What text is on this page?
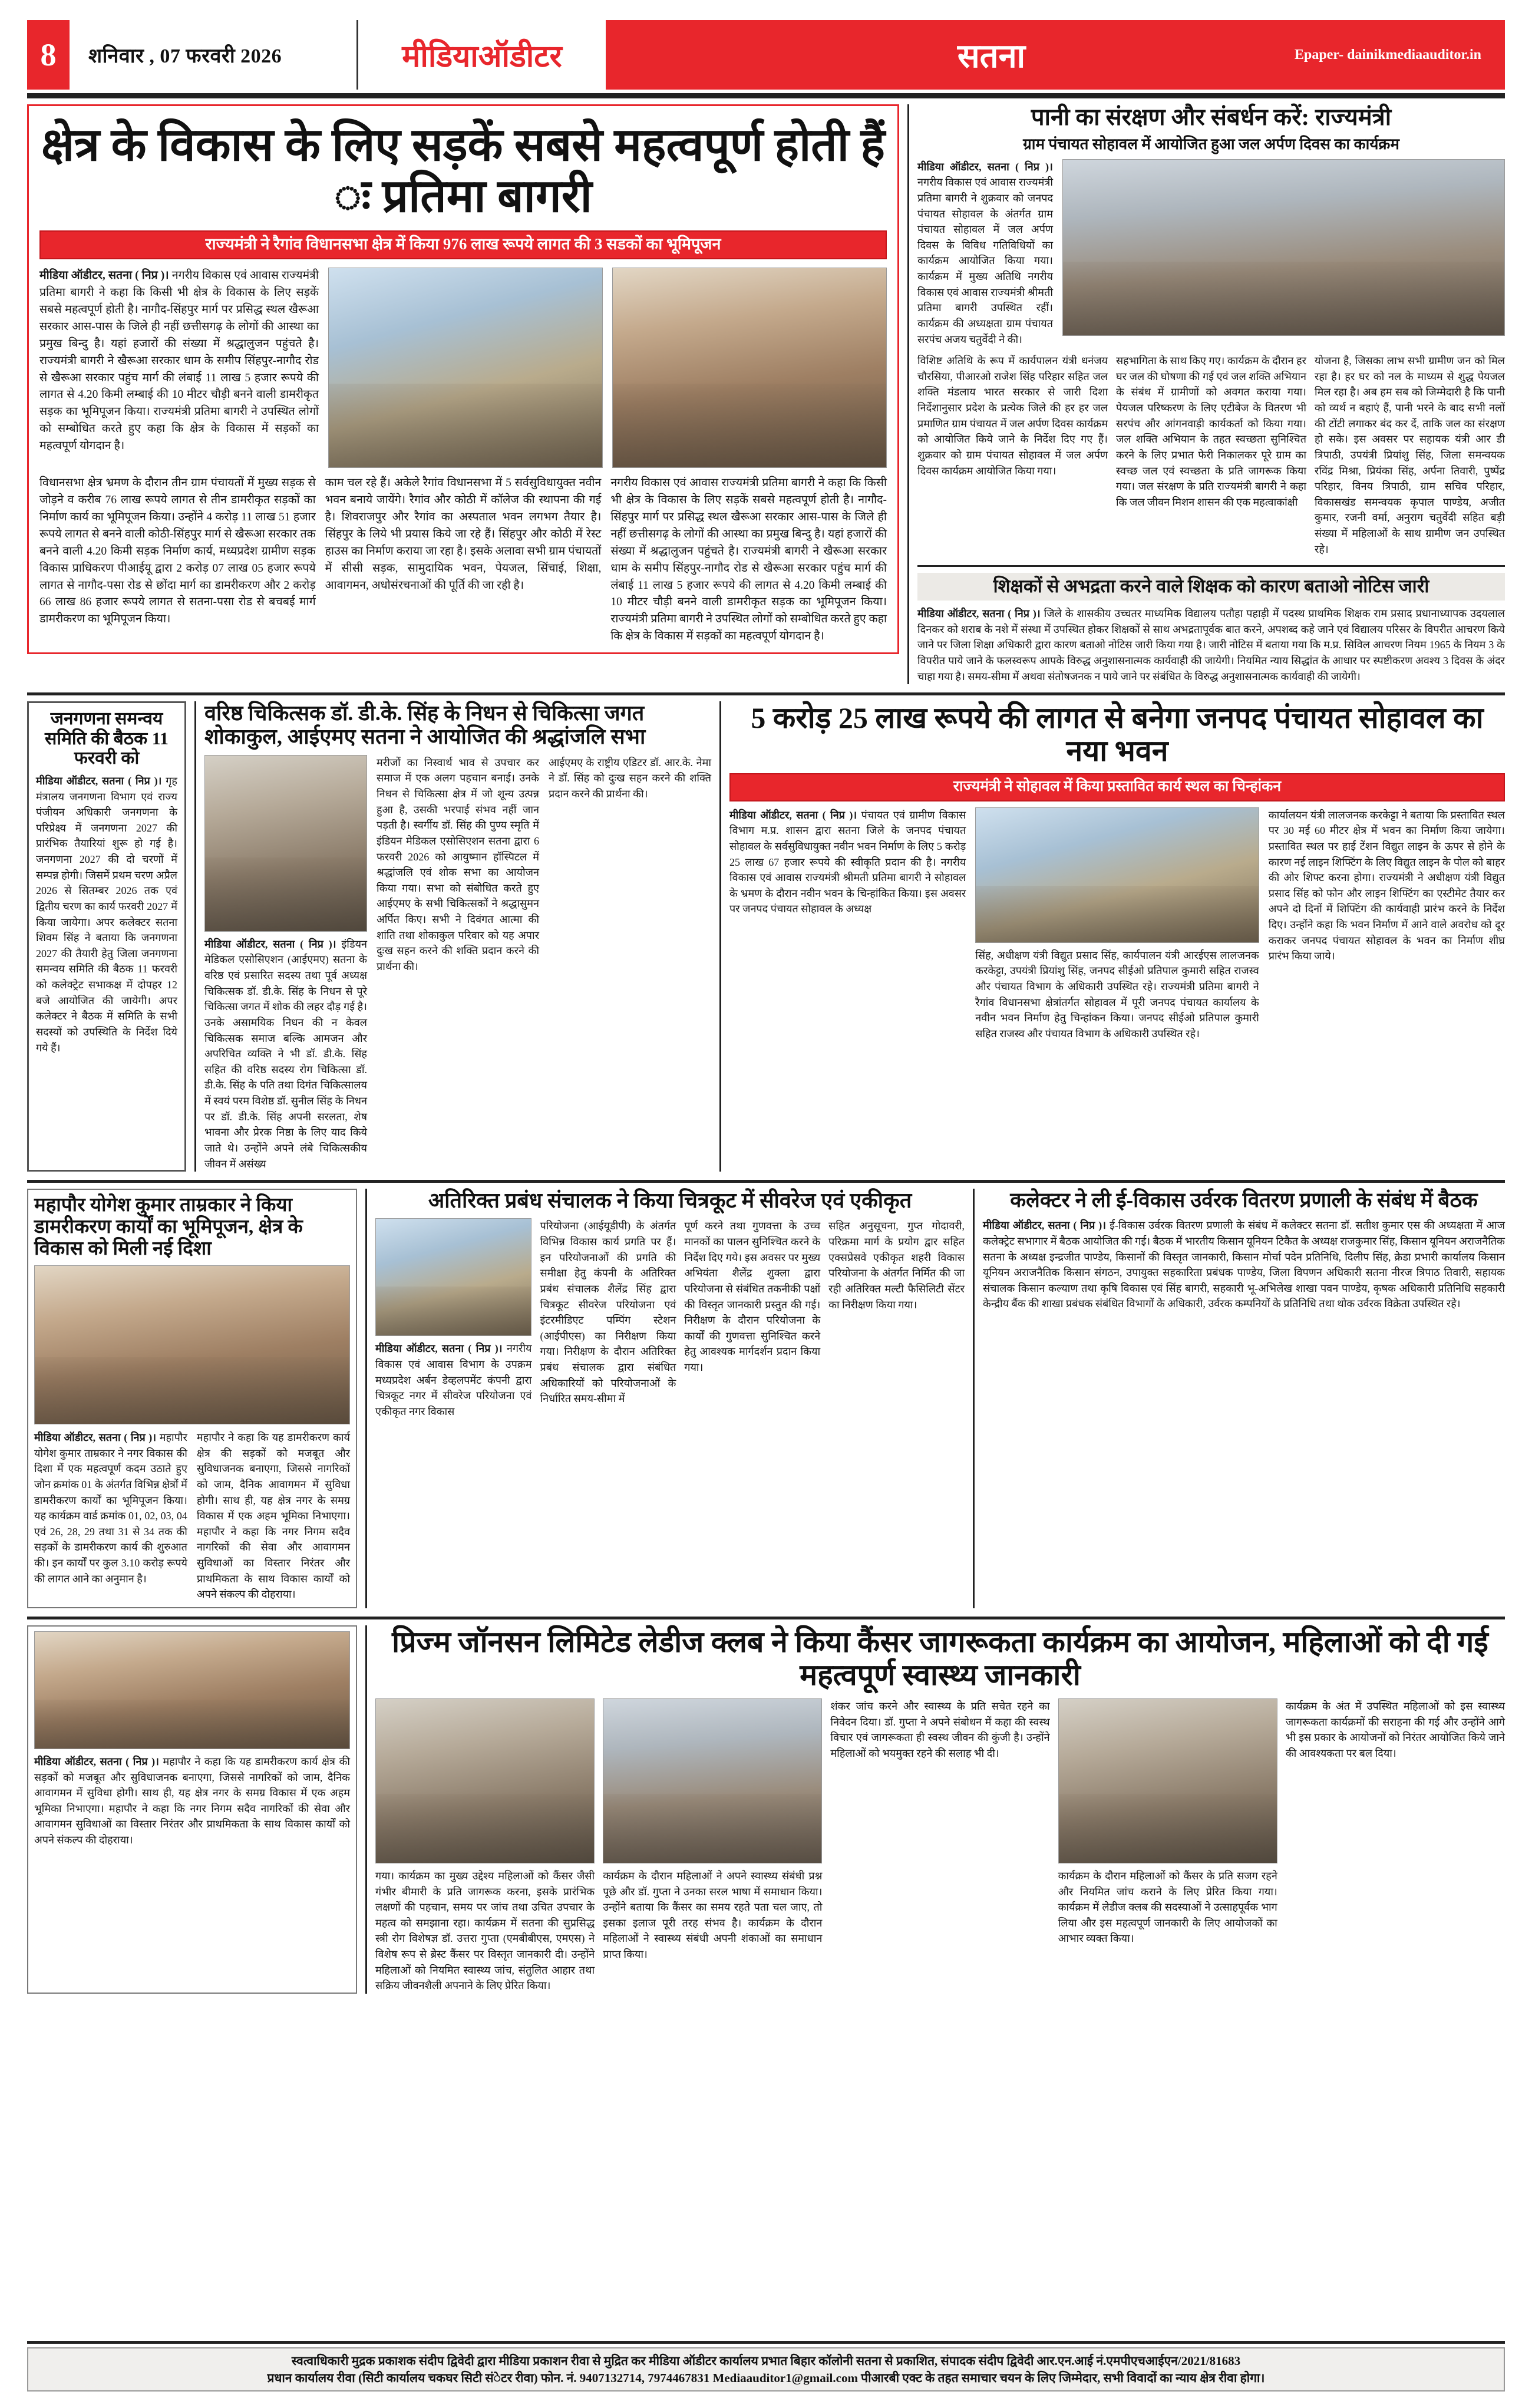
8	शनिवार , 07 फरवरी 2026	मीडियाऑडीटर	सतना	Epaper- dainikmediaauditor.in
क्षेत्र के विकास के लिए सड़कें सबसे महत्वपूर्ण होती हैं ः प्रतिमा बागरी
राज्यमंत्री ने रैगांव विधानसभा क्षेत्र में किया 976 लाख रूपये लागत की 3 सडकों का भूमिपूजन

मीडिया ऑडीटर, सतना ( निप्र )। नगरीय विकास एवं आवास राज्यमंत्री प्रतिमा बागरी ने कहा कि किसी भी क्षेत्र के विकास के लिए सड़कें सबसे महत्वपूर्ण होती है। नागौद-सिंहपुर मार्ग पर प्रसिद्ध स्थल खैरूआ सरकार आस-पास के जिले ही नहीं छत्तीसगढ़ के लोगों की आस्था का प्रमुख बिन्दु है। यहां हजारों की संख्या में श्रद्धालुजन पहुंचते है। राज्यमंत्री बागरी ने खैरूआ सरकार धाम के समीप सिंहपुर-नागौद रोड से खैरूआ सरकार पहुंच मार्ग की लंबाई 11 लाख 5 हजार रूपये की लागत से 4.20 किमी लम्बाई की 10 मीटर चौड़ी बनने वाली डामरीकृत सड़क का भूमिपूजन किया। राज्यमंत्री प्रतिमा बागरी ने उपस्थित लोगों को सम्बोधित करते हुए कहा कि क्षेत्र के विकास में सड़कों का महत्वपूर्ण योगदान है।

विधानसभा क्षेत्र भ्रमण के दौरान तीन ग्राम पंचायतों में मुख्य सड़क से जोड़ने व करीब 76 लाख रूपये लागत से तीन डामरीकृत सड़कों का निर्माण कार्य का भूमिपूजन किया। उन्होंने 4 करोड़ 11 लाख 51 हजार रूपये लागत से बनने वाली कोठी-सिंहपुर मार्ग से खैरूआ सरकार तक बनने वाली 4.20 किमी सड़क निर्माण कार्य, मध्यप्रदेश ग्रामीण सड़क विकास प्राधिकरण पीआईयू द्वारा 2 करोड़ 07 लाख 05 हजार रूपये लागत से नागौद-पसा रोड से छोंदा मार्ग का डामरीकरण और 2 करोड़ 66 लाख 86 हजार रूपये लागत से सतना-पसा रोड से बचबई मार्ग डामरीकरण का भूमिपूजन किया।

काम चल रहे हैं। अकेले रैगांव विधानसभा में 5 सर्वसुविधायुक्त नवीन भवन बनाये जायेंगे। रैगांव और कोठी में कॉलेज की स्थापना की गई है। शिवराजपुर और रैगांव का अस्पताल भवन लगभग तैयार है। सिंहपुर के लिये भी प्रयास किये जा रहे हैं। सिंहपुर और कोठी में रेस्ट हाउस का निर्माण कराया जा रहा है। इसके अलावा सभी ग्राम पंचायतों में सीसी सड़क, सामुदायिक भवन, पेयजल, सिंचाई, शिक्षा, आवागमन, अधोसंरचनाओं की पूर्ति की जा रही है।

नगरीय विकास एवं आवास राज्यमंत्री प्रतिमा बागरी ने कहा कि किसी भी क्षेत्र के विकास के लिए सड़कें सबसे महत्वपूर्ण होती है। नागौद-सिंहपुर मार्ग पर प्रसिद्ध स्थल खैरूआ सरकार आस-पास के जिले ही नहीं छत्तीसगढ़ के लोगों की आस्था का प्रमुख बिन्दु है। यहां हजारों की संख्या में श्रद्धालुजन पहुंचते है। राज्यमंत्री बागरी ने खैरूआ सरकार धाम के समीप सिंहपुर-नागौद रोड से खैरूआ सरकार पहुंच मार्ग की लंबाई 11 लाख 5 हजार रूपये की लागत से 4.20 किमी लम्बाई की 10 मीटर चौड़ी बनने वाली डामरीकृत सड़क का भूमिपूजन किया। राज्यमंत्री प्रतिमा बागरी ने उपस्थित लोगों को सम्बोधित करते हुए कहा कि क्षेत्र के विकास में सड़कों का महत्वपूर्ण योगदान है।

पानी का संरक्षण और संबर्धन करें: राज्यमंत्री
ग्राम पंचायत सोहावल में आयोजित हुआ जल अर्पण दिवस का कार्यक्रम

मीडिया ऑडीटर, सतना ( निप्र )। नगरीय विकास एवं आवास राज्यमंत्री प्रतिमा बागरी ने शुक्रवार को जनपद पंचायत सोहावल के अंतर्गत ग्राम पंचायत सोहावल में जल अर्पण दिवस के विविध गतिविधियों का कार्यक्रम आयोजित किया गया। कार्यक्रम में मुख्य अतिथि नगरीय विकास एवं आवास राज्यमंत्री श्रीमती प्रतिमा बागरी उपस्थित रहीं। कार्यक्रम की अध्यक्षता ग्राम पंचायत सरपंच अजय चतुर्वेदी ने की।

विशिष्ट अतिथि के रूप में कार्यपालन यंत्री धनंजय चौरसिया, पीआरओ राजेश सिंह परिहार सहित जल शक्ति मंडलाय भारत सरकार से जारी दिशा निर्देशानुसार प्रदेश के प्रत्येक जिले की हर हर जल प्रमाणित ग्राम पंचायत में जल अर्पण दिवस कार्यक्रम को आयोजित किये जाने के निर्देश दिए गए हैं। शुक्रवार को ग्राम पंचायत सोहावल में जल अर्पण दिवस कार्यक्रम आयोजित किया गया।

सहभागिता के साथ किए गए। कार्यक्रम के दौरान हर घर जल की घोषणा की गई एवं जल शक्ति अभियान के संबंध में ग्रामीणों को अवगत कराया गया। पेयजल परिष्करण के लिए एटीबेज के वितरण भी सरपंच और आंगनवाड़ी कार्यकर्ता को किया गया। जल शक्ति अभियान के तहत स्वच्छता सुनिश्चित करने के लिए प्रभात फेरी निकालकर पूरे ग्राम का स्वच्छ जल एवं स्वच्छता के प्रति जागरूक किया गया। जल संरक्षण के प्रति राज्यमंत्री बागरी ने कहा कि जल जीवन मिशन शासन की एक महत्वाकांक्षी

योजना है, जिसका लाभ सभी ग्रामीण जन को मिल रहा है। हर घर को नल के माध्यम से शुद्ध पेयजल मिल रहा है। अब हम सब को जिम्मेदारी है कि पानी को व्यर्थ न बहाएं हैं, पानी भरने के बाद सभी नलों की टोंटी लगाकर बंद कर दें, ताकि जल का संरक्षण हो सके। इस अवसर पर सहायक यंत्री आर डी त्रिपाठी, उपयंत्री प्रियांशु सिंह, जिला समन्वयक रविंद्र मिश्रा, प्रियंका सिंह, अर्पना तिवारी, पुष्पेंद्र परिहार, विनय त्रिपाठी, ग्राम सचिव परिहार, विकासखंड समन्वयक कृपाल पाण्डेय, अजीत कुमार, रजनी वर्मा, अनुराग चतुर्वेदी सहित बड़ी संख्या में महिलाओं के साथ ग्रामीण जन उपस्थित रहे।

शिक्षकों से अभद्रता करने वाले शिक्षक को कारण बताओ नोटिस जारी

मीडिया ऑडीटर, सतना ( निप्र )। जिले के शासकीय उच्चतर माध्यमिक विद्यालय पतौहा पहाड़ी में पदस्थ प्राथमिक शिक्षक राम प्रसाद प्रधानाध्यापक उदयलाल दिनकर को शराब के नशे में संस्था में उपस्थित होकर शिक्षकों से साथ अभद्रतापूर्वक बात करने, अपशब्द कहे जाने एवं विद्यालय परिसर के विपरीत आचरण किये जाने पर जिला शिक्षा अधिकारी द्वारा कारण बताओ नोटिस जारी किया गया है। जारी नोटिस में बताया गया कि म.प्र. सिविल आचरण नियम 1965 के नियम 3 के विपरीत पाये जाने के फलस्वरूप आपके विरुद्ध अनुशासनात्मक कार्यवाही की जायेगी। नियमित न्याय सिद्धांत के आधार पर स्पष्टीकरण अवश्य 3 दिवस के अंदर चाहा गया है। समय-सीमा में अथवा संतोषजनक न पाये जाने पर संबंधित के विरुद्ध अनुशासनात्मक कार्यवाही की जायेगी।

जनगणना समन्वय समिति की बैठक 11 फरवरी को

मीडिया ऑडीटर, सतना ( निप्र )। गृह मंत्रालय जनगणना विभाग एवं राज्य पंजीयन अधिकारी जनगणना के परिप्रेक्ष्य में जनगणना 2027 की प्रारंभिक तैयारियां शुरू हो गई है। जनगणना 2027 की दो चरणों में सम्पन्न होगी। जिसमें प्रथम चरण अप्रैल 2026 से सितम्बर 2026 तक एवं द्वितीय चरण का कार्य फरवरी 2027 में किया जायेगा। अपर कलेक्टर सतना शिवम सिंह ने बताया कि जनगणना 2027 की तैयारी हेतु जिला जनगणना समन्वय समिति की बैठक 11 फरवरी को कलेक्ट्रेट सभाकक्ष में दोपहर 12 बजे आयोजित की जायेगी। अपर कलेक्टर ने बैठक में समिति के सभी सदस्यों को उपस्थिति के निर्देश दिये गये हैं।

वरिष्ठ चिकित्सक डॉ. डी.के. सिंह के निधन से चिकित्सा जगत शोकाकुल, आईएमए सतना ने आयोजित की श्रद्धांजलि सभा

मीडिया ऑडीटर, सतना ( निप्र )। इंडियन मेडिकल एसोसिएशन (आईएमए) सतना के वरिष्ठ एवं प्रसारित सदस्य तथा पूर्व अध्यक्ष चिकित्सक डॉ. डी.के. सिंह के निधन से पूरे चिकित्सा जगत में शोक की लहर दौड़ गई है। उनके असामयिक निधन की न केवल चिकित्सक समाज बल्कि आमजन और अपरिचित व्यक्ति ने भी डॉ. डी.के. सिंह सहित की वरिष्ठ सदस्य रोग चिकित्सा डॉ. डी.के. सिंह के पति तथा दिगंत चिकित्सालय में स्वयं परम विशेष्ठ डॉ. सुनील सिंह के निधन पर डॉ. डी.के. सिंह अपनी सरलता, शेष भावना और प्रेरक निष्ठा के लिए याद किये जाते थे। उन्होंने अपने लंबे चिकित्सकीय जीवन में असंख्य

मरीजों का निस्वार्थ भाव से उपचार कर समाज में एक अलग पहचान बनाई। उनके निधन से चिकित्सा क्षेत्र में जो शून्य उत्पन्न हुआ है, उसकी भरपाई संभव नहीं जान पड़ती है। स्वर्गीय डॉ. सिंह की पुण्य स्मृति में इंडियन मेडिकल एसोसिएशन सतना द्वारा 6 फरवरी 2026 को आयुष्मान हॉस्पिटल में श्रद्धांजलि एवं शोक सभा का आयोजन किया गया। सभा को संबोधित करते हुए आईएमए के सभी चिकित्सकों ने श्रद्धासुमन अर्पित किए। सभी ने दिवंगत आत्मा की शांति तथा शोकाकुल परिवार को यह अपार दुःख सहन करने की शक्ति प्रदान करने की प्रार्थना की।

आईएमए के राष्ट्रीय एडिटर डॉ. आर.के. नेमा ने डॉ. सिंह को दुःख सहन करने की शक्ति प्रदान करने की प्रार्थना की।

5 करोड़ 25 लाख रूपये की लागत से बनेगा जनपद पंचायत सोहावल का नया भवन
राज्यमंत्री ने सोहावल में किया प्रस्तावित कार्य स्थल का चिन्हांकन

मीडिया ऑडीटर, सतना ( निप्र )। पंचायत एवं ग्रामीण विकास विभाग म.प्र. शासन द्वारा सतना जिले के जनपद पंचायत सोहावल के सर्वसुविधायुक्त नवीन भवन निर्माण के लिए 5 करोड़ 25 लाख 67 हजार रूपये की स्वीकृति प्रदान की है। नगरीय विकास एवं आवास राज्यमंत्री श्रीमती प्रतिमा बागरी ने सोहावल के भ्रमण के दौरान नवीन भवन के चिन्हांकित किया। इस अवसर पर जनपद पंचायत सोहावल के अध्यक्ष

सिंह, अधीक्षण यंत्री विद्युत प्रसाद सिंह, कार्यपालन यंत्री आरईएस लालजनक करकेट्टा, उपयंत्री प्रियांशु सिंह, जनपद सीईओ प्रतिपाल कुमारी सहित राजस्व और पंचायत विभाग के अधिकारी उपस्थित रहे। राज्यमंत्री प्रतिमा बागरी ने रैगांव विधानसभा क्षेत्रांतर्गत सोहावल में पूरी जनपद पंचायत कार्यालय के नवीन भवन निर्माण हेतु चिन्हांकन किया। जनपद सीईओ प्रतिपाल कुमारी सहित राजस्व और पंचायत विभाग के अधिकारी उपस्थित रहे।

कार्यालयन यंत्री लालजनक करकेट्टा ने बताया कि प्रस्तावित स्थल पर 30 मई 60 मीटर क्षेत्र में भवन का निर्माण किया जायेगा। प्रस्तावित स्थल पर हाई टेंशन विद्युत लाइन के ऊपर से होने के कारण नई लाइन शिफ्टिंग के लिए विद्युत लाइन के पोल को बाहर की ओर शिफ्ट करना होगा। राज्यमंत्री ने अधीक्षण यंत्री विद्युत प्रसाद सिंह को फोन और लाइन शिफ्टिंग का एस्टीमेट तैयार कर अपने दो दिनों में शिफ्टिंग की कार्यवाही प्रारंभ करने के निर्देश दिए। उन्होंने कहा कि भवन निर्माण में आने वाले अवरोध को दूर कराकर जनपद पंचायत सोहावल के भवन का निर्माण शीघ्र प्रारंभ किया जाये।

महापौर योगेश कुमार ताम्रकार ने किया डामरीकरण कार्यों का भूमिपूजन, क्षेत्र के विकास को मिली नई दिशा

मीडिया ऑडीटर, सतना ( निप्र )। महापौर योगेश कुमार ताम्रकार ने नगर विकास की दिशा में एक महत्वपूर्ण कदम उठाते हुए जोन क्रमांक 01 के अंतर्गत विभिन्न क्षेत्रों में डामरीकरण कार्यों का भूमिपूजन किया। यह कार्यक्रम वार्ड क्रमांक 01, 02, 03, 04 एवं 26, 28, 29 तथा 31 से 34 तक की सड़कों के डामरीकरण कार्य की शुरुआत की। इन कार्यों पर कुल 3.10 करोड़ रूपये की लागत आने का अनुमान है।

महापौर ने कहा कि यह डामरीकरण कार्य क्षेत्र की सड़कों को मजबूत और सुविधाजनक बनाएगा, जिससे नागरिकों को जाम, दैनिक आवागमन में सुविधा होगी। साथ ही, यह क्षेत्र नगर के समग्र विकास में एक अहम भूमिका निभाएगा। महापौर ने कहा कि नगर निगम सदैव नागरिकों की सेवा और आवागमन सुविधाओं का विस्तार निरंतर और प्राथमिकता के साथ विकास कार्यों को अपने संकल्प की दोहराया।

अतिरिक्त प्रबंध संचालक ने किया चित्रकूट में सीवरेज एवं एकीकृत

मीडिया ऑडीटर, सतना ( निप्र )। नगरीय विकास एवं आवास विभाग के उपक्रम मध्यप्रदेश अर्बन डेव्हलपमेंट कंपनी द्वारा चित्रकूट नगर में सीवरेज परियोजना एवं एकीकृत नगर विकास

परियोजना (आईयूडीपी) के अंतर्गत विभिन्न विकास कार्य प्रगति पर हैं। इन परियोजनाओं की प्रगति की समीक्षा हेतु कंपनी के अतिरिक्त प्रबंध संचालक शैलेंद्र सिंह द्वारा चित्रकूट सीवरेज परियोजना एवं इंटरमीडिएट पम्पिंग स्टेशन (आईपीएस) का निरीक्षण किया गया। निरीक्षण के दौरान अतिरिक्त प्रबंध संचालक द्वारा संबंधित अधिकारियों को परियोजनाओं के निर्धारित समय-सीमा में

पूर्ण करने तथा गुणवत्ता के उच्च मानकों का पालन सुनिश्चित करने के निर्देश दिए गये। इस अवसर पर मुख्य अभियंता शैलेंद्र शुक्ला द्वारा परियोजना से संबंधित तकनीकी पक्षों की विस्तृत जानकारी प्रस्तुत की गई। निरीक्षण के दौरान परियोजना के कार्यों की गुणवत्ता सुनिश्चित करने हेतु आवश्यक मार्गदर्शन प्रदान किया गया।

सहित अनुसूचना, गुप्त गोदावरी, परिक्रमा मार्ग के प्रयोग द्वार सहित एक्सप्रेसवे एकीकृत शहरी विकास परियोजना के अंतर्गत निर्मित की जा रही अतिरिक्त मल्टी फैसिलिटी सेंटर का निरीक्षण किया गया।

कलेक्टर ने ली ई-विकास उर्वरक वितरण प्रणाली के संबंध में बैठक

मीडिया ऑडीटर, सतना ( निप्र )। ई-विकास उर्वरक वितरण प्रणाली के संबंध में कलेक्टर सतना डॉ. सतीश कुमार एस की अध्यक्षता में आज कलेक्ट्रेट सभागार में बैठक आयोजित की गई। बैठक में भारतीय किसान यूनियन टिकैत के अध्यक्ष राजकुमार सिंह, किसान यूनियन अराजनैतिक सतना के अध्यक्ष इन्द्रजीत पाण्डेय, किसानों की विस्तृत जानकारी, किसान मोर्चा पदेन प्रतिनिधि, दिलीप सिंह, क्रेडा प्रभारी कार्यालय किसान यूनियन अराजनैतिक किसान संगठन, उपायुक्त सहकारिता प्रबंधक पाण्डेय, जिला विपणन अधिकारी सतना नीरज त्रिपाठ तिवारी, सहायक संचालक किसान कल्याण तथा कृषि विकास एवं सिंह बागरी, सहकारी भू-अभिलेख शाखा पवन पाण्डेय, कृषक अधिकारी प्रतिनिधि सहकारी केन्द्रीय बैंक की शाखा प्रबंधक संबंधित विभागों के अधिकारी, उर्वरक कम्पनियों के प्रतिनिधि तथा थोक उर्वरक विक्रेता उपस्थित रहे।

मीडिया ऑडीटर, सतना ( निप्र )। महापौर ने कहा कि यह डामरीकरण कार्य क्षेत्र की सड़कों को मजबूत और सुविधाजनक बनाएगा, जिससे नागरिकों को जाम, दैनिक आवागमन में सुविधा होगी। साथ ही, यह क्षेत्र नगर के समग्र विकास में एक अहम भूमिका निभाएगा। महापौर ने कहा कि नगर निगम सदैव नागरिकों की सेवा और आवागमन सुविधाओं का विस्तार निरंतर और प्राथमिकता के साथ विकास कार्यों को अपने संकल्प की दोहराया।

प्रिज्म जॉनसन लिमिटेड लेडीज क्लब ने किया कैंसर जागरूकता कार्यक्रम का आयोजन, महिलाओं को दी गई महत्वपूर्ण स्वास्थ्य जानकारी

गया। कार्यक्रम का मुख्य उद्देश्य महिलाओं को कैंसर जैसी गंभीर बीमारी के प्रति जागरूक करना, इसके प्रारंभिक लक्षणों की पहचान, समय पर जांच तथा उचित उपचार के महत्व को समझाना रहा। कार्यक्रम में सतना की सुप्रसिद्ध स्त्री रोग विशेषज्ञ डॉ. उत्तरा गुप्ता (एमबीबीएस, एमएस) ने विशेष रूप से ब्रेस्ट कैंसर पर विस्तृत जानकारी दी। उन्होंने महिलाओं को नियमित स्वास्थ्य जांच, संतुलित आहार तथा सक्रिय जीवनशैली अपनाने के लिए प्रेरित किया।

कार्यक्रम के दौरान महिलाओं ने अपने स्वास्थ्य संबंधी प्रश्न पूछे और डॉ. गुप्ता ने उनका सरल भाषा में समाधान किया। उन्होंने बताया कि कैंसर का समय रहते पता चल जाए, तो इसका इलाज पूरी तरह संभव है। कार्यक्रम के दौरान महिलाओं ने स्वास्थ्य संबंधी अपनी शंकाओं का समाधान प्राप्त किया।

शंकर जांच करने और स्वास्थ्य के प्रति सचेत रहने का निवेदन दिया। डॉ. गुप्ता ने अपने संबोधन में कहा की स्वस्थ विचार एवं जागरूकता ही स्वस्थ जीवन की कुंजी है। उन्होंने महिलाओं को भयमुक्त रहने की सलाह भी दी।

कार्यक्रम के दौरान महिलाओं को कैंसर के प्रति सजग रहने और नियमित जांच कराने के लिए प्रेरित किया गया। कार्यक्रम में लेडीज क्लब की सदस्याओं ने उत्साहपूर्वक भाग लिया और इस महत्वपूर्ण जानकारी के लिए आयोजकों का आभार व्यक्त किया।

कार्यक्रम के अंत में उपस्थित महिलाओं को इस स्वास्थ्य जागरूकता कार्यक्रमों की सराहना की गई और उन्होंने आगे भी इस प्रकार के आयोजनों को निरंतर आयोजित किये जाने की आवश्यकता पर बल दिया।

स्वत्वाधिकारी मुद्रक प्रकाशक संदीप द्विवेदी द्वारा मीडिया प्रकाशन रीवा से मुद्रित कर मीडिया ऑडीटर कार्यालय प्रभात बिहार कॉलोनी सतना से प्रकाशित, संपादक संदीप द्विवेदी आर.एन.आई नं.एमपीएचआईएन/2021/81683
प्रधान कार्यालय रीवा (सिटी कार्यालय चकघर सिटी संेटर रीवा) फोन. नं. 9407132714, 7974467831 Mediaauditor1@gmail.com पीआरबी एक्ट के तहत समाचार चयन के लिए जिम्मेदार, सभी विवादों का न्याय क्षेत्र रीवा होगा।
